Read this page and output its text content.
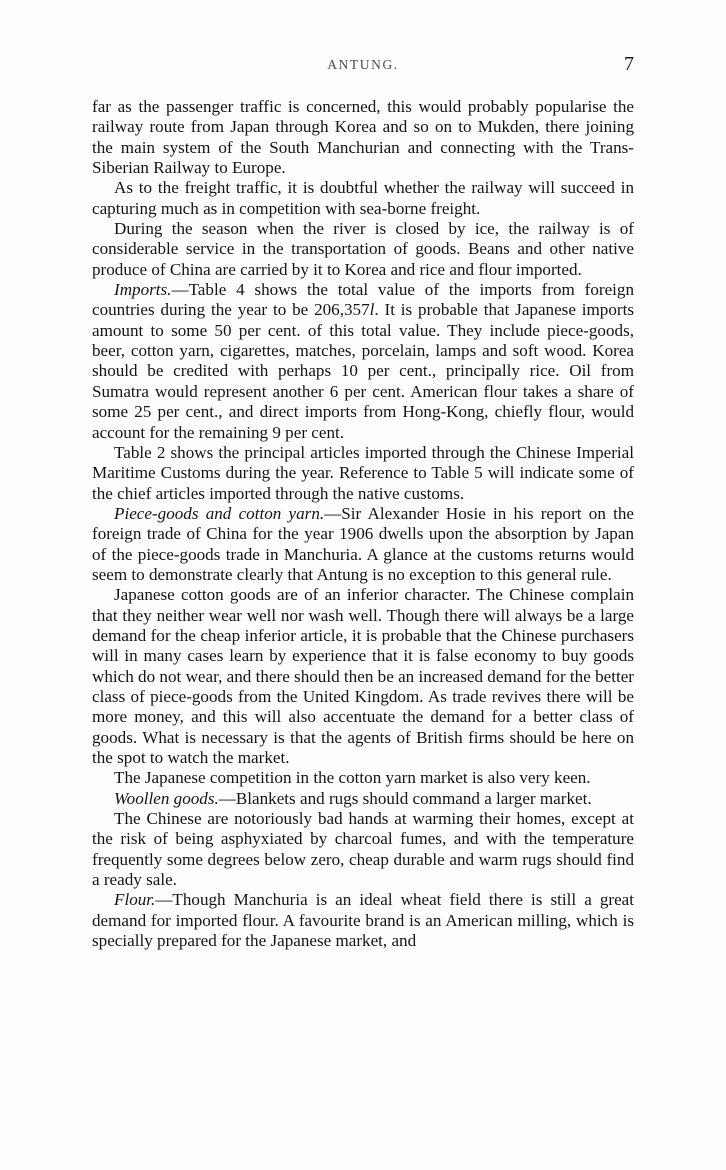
ANTUNG.	7

far as the passenger traffic is concerned, this would probably popularise the railway route from Japan through Korea and so on to Mukden, there joining the main system of the South Manchurian and connecting with the Trans-Siberian Railway to Europe.

As to the freight traffic, it is doubtful whether the railway will succeed in capturing much as in competition with sea-borne freight.

During the season when the river is closed by ice, the railway is of considerable service in the transportation of goods. Beans and other native produce of China are carried by it to Korea and rice and flour imported.

Imports.—Table 4 shows the total value of the imports from foreign countries during the year to be 206,357l. It is probable that Japanese imports amount to some 50 per cent. of this total value. They include piece-goods, beer, cotton yarn, cigarettes, matches, porcelain, lamps and soft wood. Korea should be credited with perhaps 10 per cent., principally rice. Oil from Sumatra would represent another 6 per cent. American flour takes a share of some 25 per cent., and direct imports from Hong-Kong, chiefly flour, would account for the remaining 9 per cent.

Table 2 shows the principal articles imported through the Chinese Imperial Maritime Customs during the year. Reference to Table 5 will indicate some of the chief articles imported through the native customs.

Piece-goods and cotton yarn.—Sir Alexander Hosie in his report on the foreign trade of China for the year 1906 dwells upon the absorption by Japan of the piece-goods trade in Manchuria. A glance at the customs returns would seem to demonstrate clearly that Antung is no exception to this general rule.

Japanese cotton goods are of an inferior character. The Chinese complain that they neither wear well nor wash well. Though there will always be a large demand for the cheap inferior article, it is probable that the Chinese purchasers will in many cases learn by experience that it is false economy to buy goods which do not wear, and there should then be an increased demand for the better class of piece-goods from the United Kingdom. As trade revives there will be more money, and this will also accentuate the demand for a better class of goods. What is necessary is that the agents of British firms should be here on the spot to watch the market.

The Japanese competition in the cotton yarn market is also very keen.

Woollen goods.—Blankets and rugs should command a larger market.

The Chinese are notoriously bad hands at warming their homes, except at the risk of being asphyxiated by charcoal fumes, and with the temperature frequently some degrees below zero, cheap durable and warm rugs should find a ready sale.

Flour.—Though Manchuria is an ideal wheat field there is still a great demand for imported flour. A favourite brand is an American milling, which is specially prepared for the Japanese market, and
